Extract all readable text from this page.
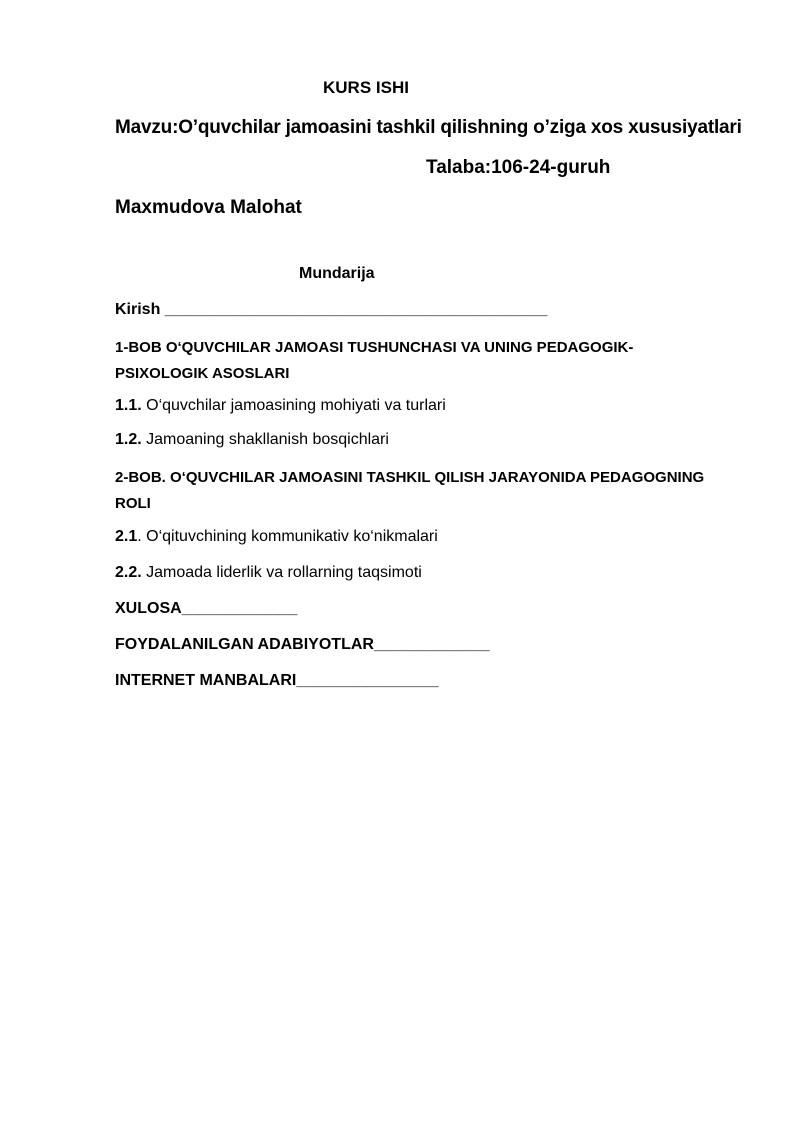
KURS ISHI
Mavzu:O’quvchilar jamoasini tashkil qilishning o’ziga xos xususiyatlari
Talaba:106-24-guruh
Maxmudova Malohat
Mundarija
Kirish ___________________________________________
1-BOB O‘QUVCHILAR JAMOASI TUSHUNCHASI VA UNING PEDAGOGIK-
PSIXOLOGIK ASOSLARI
1.1. O‘quvchilar jamoasining mohiyati va turlari
1.2. Jamoaning shakllanish bosqichlari
2-BOB. O‘QUVCHILAR JAMOASINI TASHKIL QILISH JARAYONIDA PEDAGOGNING
ROLI
2.1. O‘qituvchining kommunikativ ko‘nikmalari
2.2. Jamoada liderlik va rollarning taqsimoti
XULOSA_____________
FOYDALANILGAN ADABIYOTLAR_____________
INTERNET MANBALARI________________
